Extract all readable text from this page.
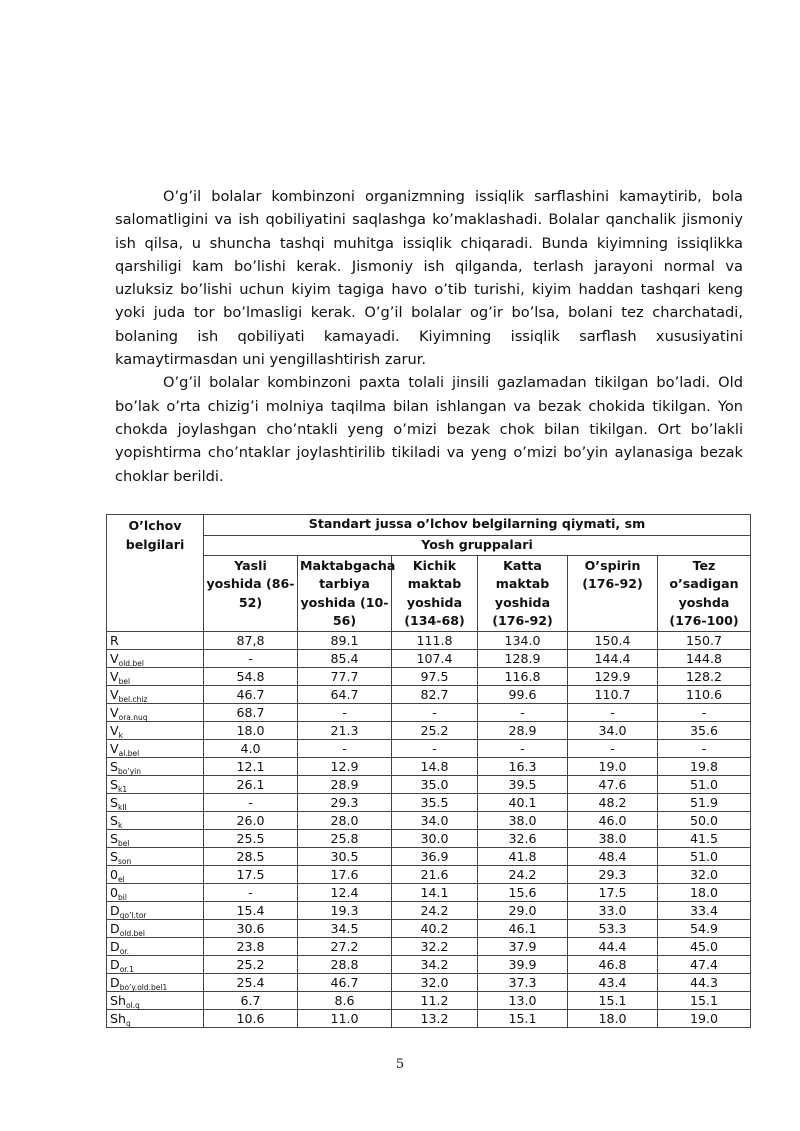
O’g’il bolalar kombinzoni organizmning issiqlik sarflashini kamaytirib, bola salomatligini va ish qobiliyatini saqlashga ko’maklashadi. Bolalar qanchalik jismoniy ish qilsa, u shuncha tashqi muhitga issiqlik chiqaradi. Bunda kiyimning issiqlikka qarshiligi kam bo’lishi kerak. Jismoniy ish qilganda, terlash jarayoni normal va uzluksiz bo’lishi uchun kiyim tagiga havo o’tib turishi, kiyim haddan tashqari keng yoki juda tor bo’lmasligi kerak. O’g’il bolalar og’ir bo’lsa, bolani tez charchatadi, bolaning ish qobiliyati kamayadi. Kiyimning issiqlik sarflash xususiyatini kamaytirmasdan uni yengillashtirish zarur.

O’g’il bolalar kombinzoni paxta tolali jinsili gazlamadan tikilgan bo’ladi. Old bo’lak o’rta chizig’i molniya taqilma bilan ishlangan va bezak chokida tikilgan. Yon chokda joylashgan cho’ntakli yeng o’mizi bezak chok bilan tikilgan. Ort bo’lakli yopishtirma cho’ntaklar joylashtirilib tikiladi va yeng o’mizi bo’yin aylanasiga bezak choklar berildi.

O’lchov belgilari	Standart jussa o’lchov belgilarning qiymati, sm					
	Yosh gruppalari					
	Yasli yoshida (86-52)	Maktabgacha tarbiya yoshida (10-56)	Kichik maktab yoshida (134-68)	Katta maktab yoshida (176-92)	O’spirin (176-92)	Tez o’sadigan yoshda (176-100)
R	87,8	89.1	111.8	134.0	150.4	150.7
$V_{old.bel}$	-	85.4	107.4	128.9	144.4	144.8
$V_{bel}$	54.8	77.7	97.5	116.8	129.9	128.2
$V_{bel.chiz}$	46.7	64.7	82.7	99.6	110.7	110.6
$V_{ora.nuq}$	68.7	-	-	-	-	-
$V_k$	18.0	21.3	25.2	28.9	34.0	35.6
$V_{al.bel}$	4.0	-	-	-	-	-
$S_{bo’yin}$	12.1	12.9	14.8	16.3	19.0	19.8
$S_{k1}$	26.1	28.9	35.0	39.5	47.6	51.0
$S_{kII}$	-	29.3	35.5	40.1	48.2	51.9
$S_k$	26.0	28.0	34.0	38.0	46.0	50.0
$S_{bel}$	25.5	25.8	30.0	32.6	38.0	41.5
$S_{son}$	28.5	30.5	36.9	41.8	48.4	51.0
$0_{el}$	17.5	17.6	21.6	24.2	29.3	32.0
$0_{bil}$	-	12.4	14.1	15.6	17.5	18.0
$D_{qo’l.tor}$	15.4	19.3	24.2	29.0	33.0	33.4
$D_{old.bel}$	30.6	34.5	40.2	46.1	53.3	54.9
$D_{or.}$	23.8	27.2	32.2	37.9	44.4	45.0
$D_{or.1}$	25.2	28.8	34.2	39.9	46.8	47.4
$D_{bo’y.old.bel1}$	25.4	46.7	32.0	37.3	43.4	44.3
$Sh_{ol.q}$	6.7	8.6	11.2	13.0	15.1	15.1
$Sh_q$	10.6	11.0	13.2	15.1	18.0	19.0
5
